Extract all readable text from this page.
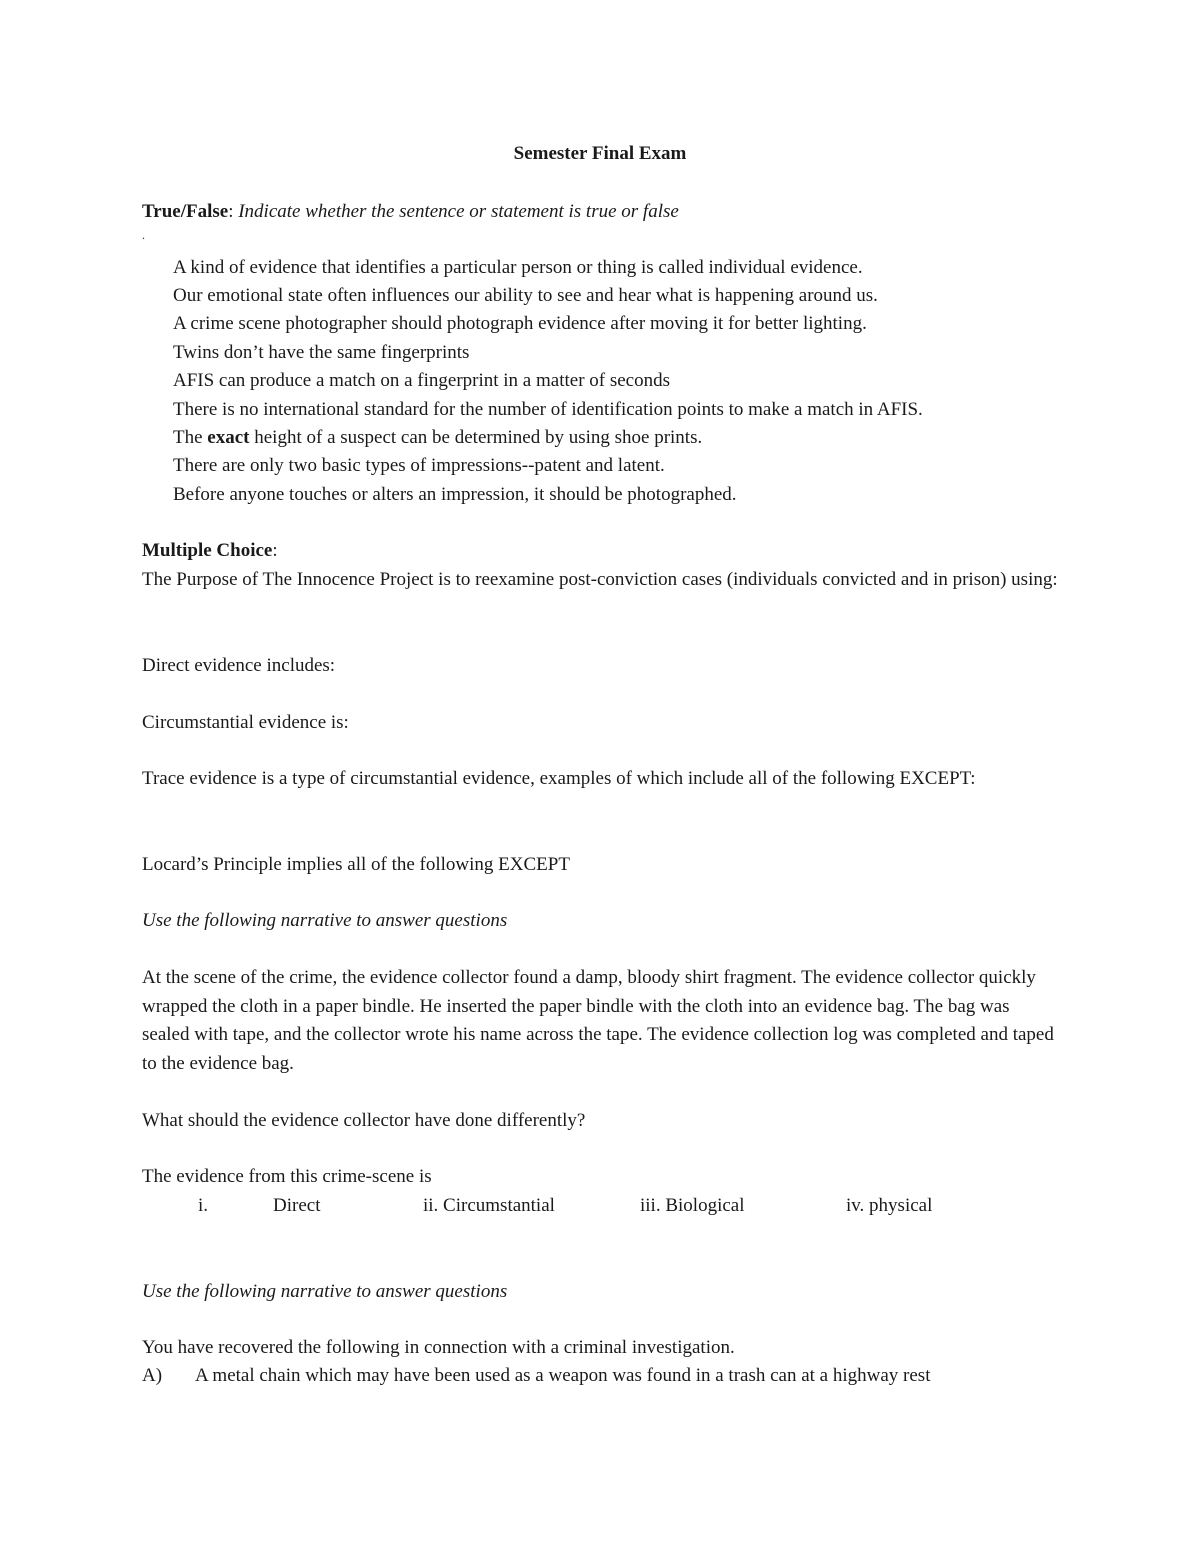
Semester Final Exam
True/False: Indicate whether the sentence or statement is true or false
.
A kind of evidence that identifies a particular person or thing is called individual evidence.
Our emotional state often influences our ability to see and hear what is happening around us.
A crime scene photographer should photograph evidence after moving it for better lighting.
Twins don’t have the same fingerprints
AFIS can produce a match on a fingerprint in a matter of seconds
There is no international standard for the number of identification points to make a match in AFIS.
The exact height of a suspect can be determined by using shoe prints.
There are only two basic types of impressions--patent and latent.
Before anyone touches or alters an impression, it should be photographed.
Multiple Choice:
The Purpose of The Innocence Project is to reexamine post-conviction cases (individuals convicted and in prison) using:
Direct evidence includes:
Circumstantial evidence is:
Trace evidence is a type of circumstantial evidence, examples of which include all of the following EXCEPT:
Locard’s Principle implies all of the following EXCEPT
Use the following narrative to answer questions
At the scene of the crime, the evidence collector found a damp, bloody shirt fragment. The evidence collector quickly wrapped the cloth in a paper bindle. He inserted the paper bindle with the cloth into an evidence bag. The bag was sealed with tape, and the collector wrote his name across the tape. The evidence collection log was completed and taped to the evidence bag.
What should the evidence collector have done differently?
The evidence from this crime-scene is
i.	Direct	ii. Circumstantial	iii. Biological	iv. physical
Use the following narrative to answer questions
You have recovered the following in connection with a criminal investigation.
A) A metal chain which may have been used as a weapon was found in a trash can at a highway rest
